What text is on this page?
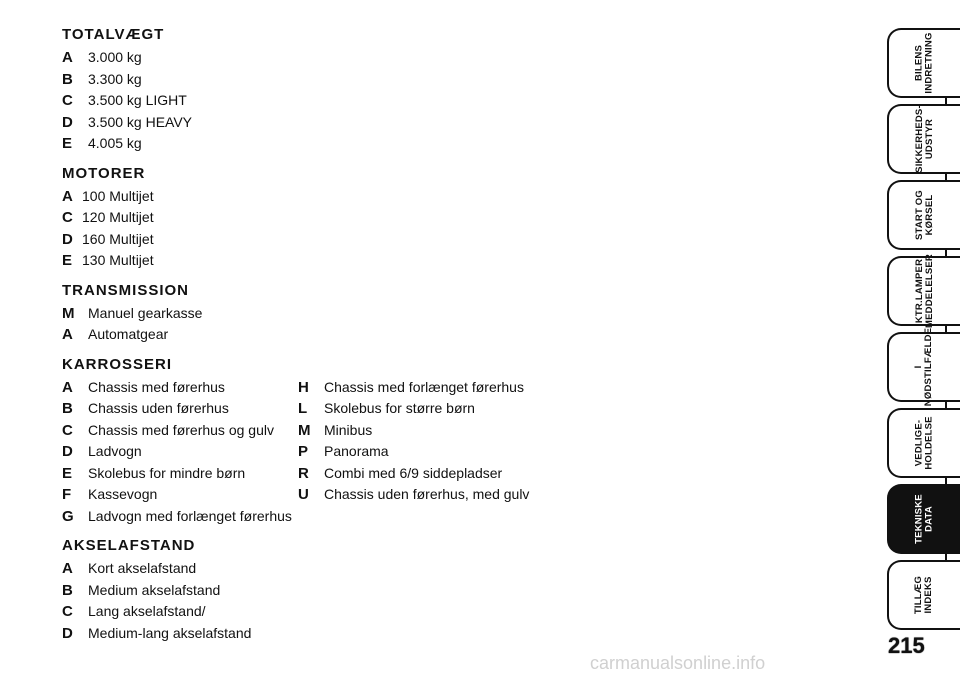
TOTALVÆGT
A	3.000 kg
B	3.300 kg
C	3.500 kg LIGHT
D	3.500 kg HEAVY
E	4.005 kg
MOTORER
A 100 Multijet
C 120 Multijet
D 160 Multijet
E 130 Multijet
TRANSMISSION
M Manuel gearkasse
A	Automatgear
KARROSSERI
A	Chassis med førerhus
B	Chassis uden førerhus
C	Chassis med førerhus og gulv
D	Ladvogn
E	Skolebus for mindre børn
F	Kassevogn
G	Ladvogn med forlænget førerhus
H	Chassis med forlænget førerhus
L	Skolebus for større børn
M Minibus
P	Panorama
R	Combi med 6/9 siddepladser
U	Chassis uden førerhus, med gulv
AKSELAFSTAND
A	Kort akselafstand
B	Medium akselafstand
C	Lang akselafstand/
D	Medium-lang akselafstand
BILENS
INDRETNING
SIKKERHEDS-
UDSTYR
START OG
KØRSEL
KTR.LAMPER
MEDDELELSER
I
NØDSTILFÆLDE
VEDLIGE-
HOLDELSE
TEKNISKE DATA
TILLÆG
INDEKS
215
carmanualsonline.info
